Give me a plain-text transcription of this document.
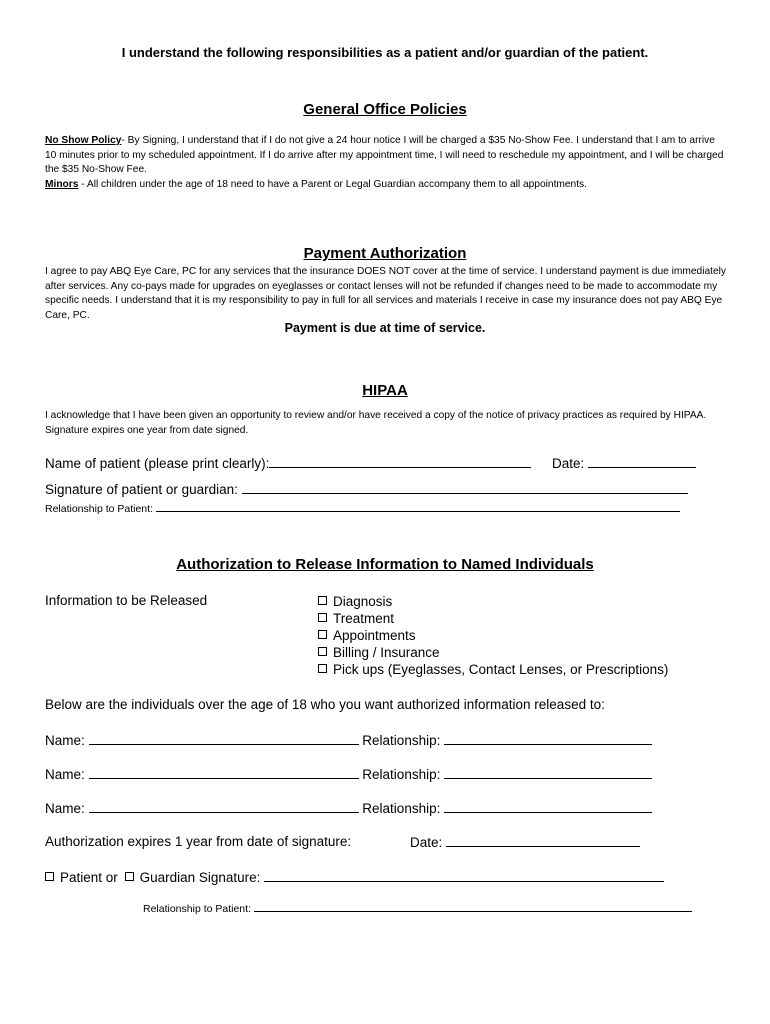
I understand the following responsibilities as a patient and/or guardian of the patient.
General Office Policies
No Show Policy- By Signing, I understand that if I do not give a 24 hour notice I will be charged a $35 No-Show Fee. I understand that I am to arrive 10 minutes prior to my scheduled appointment. If I do arrive after my appointment time, I will need to reschedule my appointment, and I will be charged the $35 No-Show Fee.
Minors - All children under the age of 18 need to have a Parent or Legal Guardian accompany them to all appointments.
Payment Authorization
I agree to pay ABQ Eye Care, PC for any services that the insurance DOES NOT cover at the time of service. I understand payment is due immediately after services. Any co-pays made for upgrades on eyeglasses or contact lenses will not be refunded if changes need to be made to accommodate my specific needs. I understand that it is my responsibility to pay in full for all services and materials I receive in case my insurance does not pay ABQ Eye Care, PC.
Payment is due at time of service.
HIPAA
I acknowledge that I have been given an opportunity to review and/or have received a copy of the notice of privacy practices as required by HIPAA. Signature expires one year from date signed.
Name of patient (please print clearly):	Date:
Signature of patient or guardian:
Relationship to Patient:
Authorization to Release Information to Named Individuals
Information to be Released	Diagnosis
Treatment
Appointments
Billing / Insurance
Pick ups (Eyeglasses, Contact Lenses, or Prescriptions)
Below are the individuals over the age of 18 who you want authorized information released to:
Name:	Relationship:
Name:	Relationship:
Name:	Relationship:
Authorization expires 1 year from date of signature:	Date:
Patient or Guardian Signature:
Relationship to Patient:
